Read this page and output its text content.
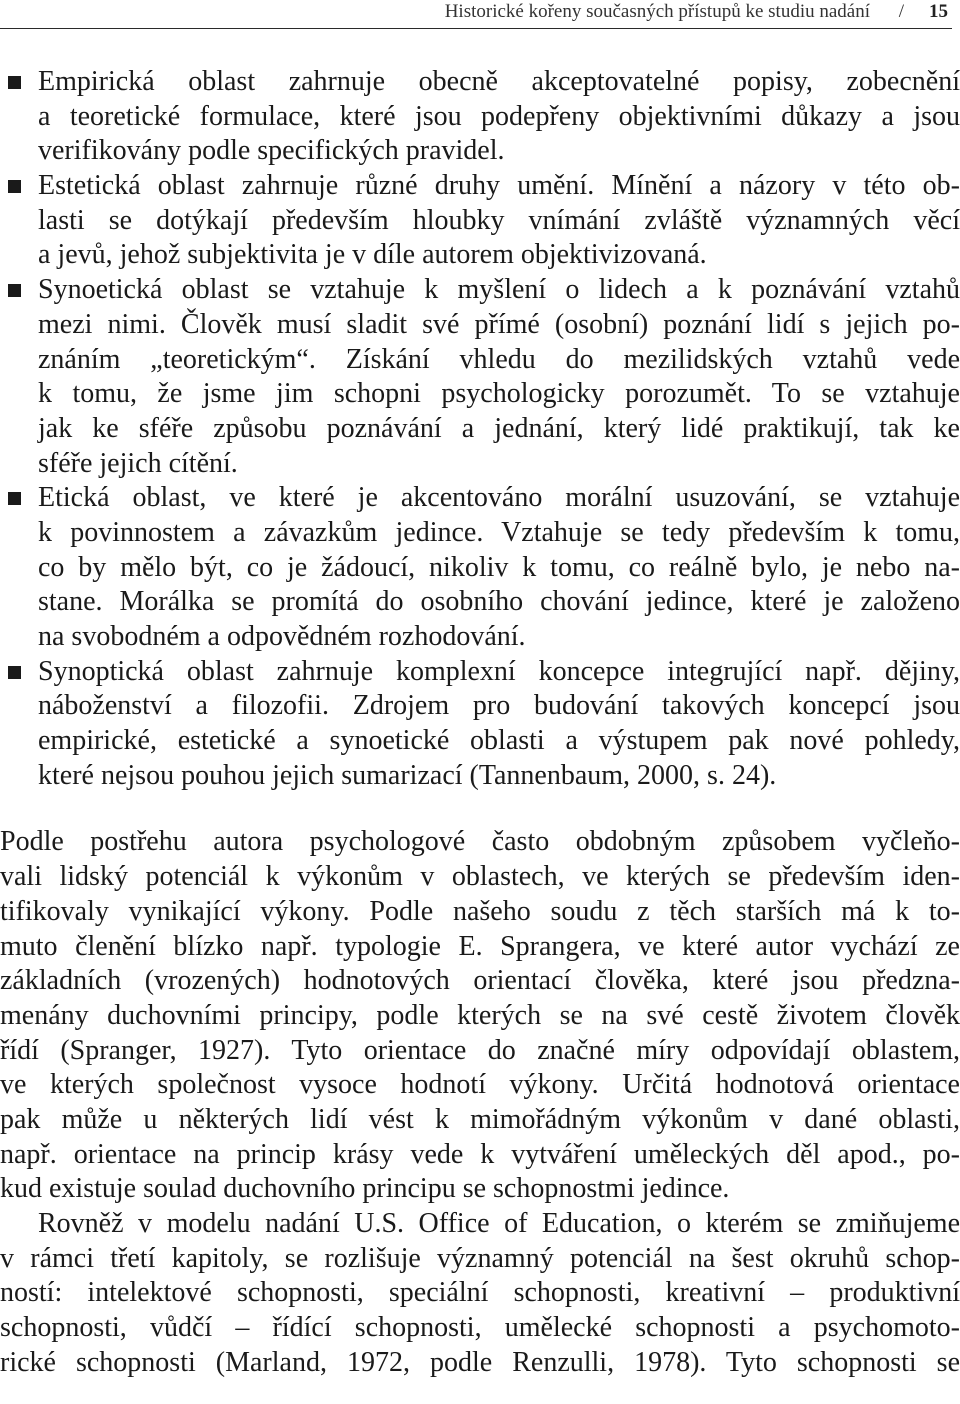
Historické kořeny současných přístupů ke studiu nadání / 15
Empirická oblast zahrnuje obecně akceptovatelné popisy, zobecnění
a teoretické formulace, které jsou podepřeny objektivními důkazy a jsou
verifikovány podle specifických pravidel.
Estetická oblast zahrnuje různé druhy umění. Mínění a názory v této ob-
lasti se dotýkají především hloubky vnímání zvláště významných věcí
a jevů, jehož subjektivita je v díle autorem objektivizovaná.
Synoetická oblast se vztahuje k myšlení o lidech a k poznávání vztahů
mezi nimi. Člověk musí sladit své přímé (osobní) poznání lidí s jejich po-
znáním „teoretickým“. Získání vhledu do mezilidských vztahů vede
k tomu, že jsme jim schopni psychologicky porozumět. To se vztahuje
jak ke sféře způsobu poznávání a jednání, který lidé praktikují, tak ke
sféře jejich cítění.
Etická oblast, ve které je akcentováno morální usuzování, se vztahuje
k povinnostem a závazkům jedince. Vztahuje se tedy především k tomu,
co by mělo být, co je žádoucí, nikoliv k tomu, co reálně bylo, je nebo na-
stane. Morálka se promítá do osobního chování jedince, které je založeno
na svobodném a odpovědném rozhodování.
Synoptická oblast zahrnuje komplexní koncepce integrující např. dějiny,
náboženství a filozofii. Zdrojem pro budování takových koncepcí jsou
empirické, estetické a synoetické oblasti a výstupem pak nové pohledy,
které nejsou pouhou jejich sumarizací (Tannenbaum, 2000, s. 24).
Podle postřehu autora psychologové často obdobným způsobem vyčleňo-
vali lidský potenciál k výkonům v oblastech, ve kterých se především iden-
tifikovaly vynikající výkony. Podle našeho soudu z těch starších má k to-
muto členění blízko např. typologie E. Sprangera, ve které autor vychází ze
základních (vrozených) hodnotových orientací člověka, které jsou předzna-
menány duchovními principy, podle kterých se na své cestě životem člověk
řídí (Spranger, 1927). Tyto orientace do značné míry odpovídají oblastem,
ve kterých společnost vysoce hodnotí výkony. Určitá hodnotová orientace
pak může u některých lidí vést k mimořádným výkonům v dané oblasti,
např. orientace na princip krásy vede k vytváření uměleckých děl apod., po-
kud existuje soulad duchovního principu se schopnostmi jedince.
Rovněž v modelu nadání U.S. Office of Education, o kterém se zmiňujeme
v rámci třetí kapitoly, se rozlišuje významný potenciál na šest okruhů schop-
ností: intelektové schopnosti, speciální schopnosti, kreativní – produktivní
schopnosti, vůdčí – řídící schopnosti, umělecké schopnosti a psychomoto-
rické schopnosti (Marland, 1972, podle Renzulli, 1978). Tyto schopnosti se
